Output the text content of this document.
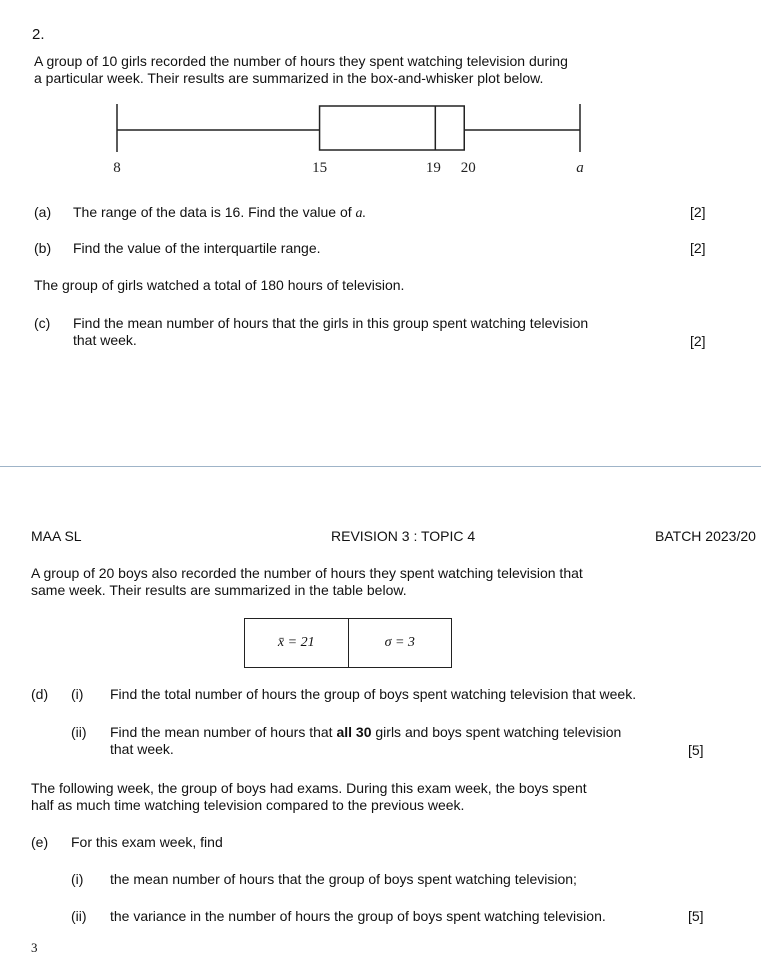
2.
A group of 10 girls recorded the number of hours they spent watching television during
a particular week. Their results are summarized in the box-and-whisker plot below.
8	15	19 20	a
(a) The range of the data is 16. Find the value of a.	[2]
(b) Find the value of the interquartile range.	[2]
The group of girls watched a total of 180 hours of television.
(c) Find the mean number of hours that the girls in this group spent watching television
that week.	[2]
MAA SL	REVISION 3 : TOPIC 4	BATCH 2023/20
A group of 20 boys also recorded the number of hours they spent watching television that
same week. Their results are summarized in the table below.
x̄ = 21	σ = 3
(d) (i) Find the total number of hours the group of boys spent watching television that week.
(ii) Find the mean number of hours that all 30 girls and boys spent watching television
that week.	[5]
The following week, the group of boys had exams. During this exam week, the boys spent
half as much time watching television compared to the previous week.
(e) For this exam week, find
(i) the mean number of hours that the group of boys spent watching television;
(ii) the variance in the number of hours the group of boys spent watching television.	[5]
3
